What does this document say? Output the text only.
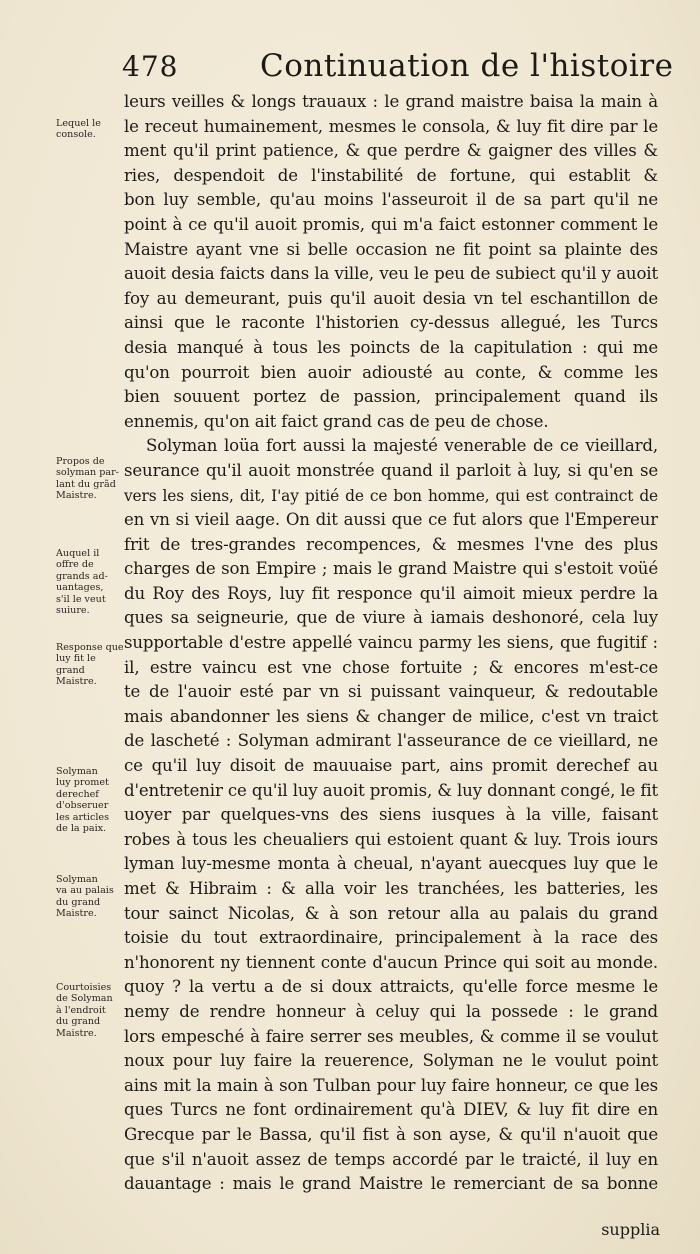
478	Continuation de l'histoire
leurs veilles & longs trauaux : le grand maistre baisa la main à
le receut humainement, mesmes le consola, & luy fit dire par le
ment qu'il print patience, & que perdre & gaigner des villes &
ries, despendoit de l'instabilité de fortune, qui establit &
bon luy semble, qu'au moins l'asseuroit il de sa part qu'il ne
point à ce qu'il auoit promis, qui m'a faict estonner comment le
Maistre ayant vne si belle occasion ne fit point sa plainte des
auoit desia faicts dans la ville, veu le peu de subiect qu'il y auoit
foy au demeurant, puis qu'il auoit desia vn tel eschantillon de
ainsi que le raconte l'historien cy-dessus allegué, les Turcs
desia manqué à tous les poincts de la capitulation : qui me
qu'on pourroit bien auoir adiousté au conte, & comme les
bien souuent portez de passion, principalement quand ils
ennemis, qu'on ait faict grand cas de peu de chose.
Solyman loüa fort aussi la majesté venerable de ce vieillard,
seurance qu'il auoit monstrée quand il parloit à luy, si qu'en se
vers les siens, dit, I'ay pitié de ce bon homme, qui est contrainct de
en vn si vieil aage. On dit aussi que ce fut alors que l'Empereur
frit de tres-grandes recompences, & mesmes l'vne des plus
charges de son Empire ; mais le grand Maistre qui s'estoit voüé
du Roy des Roys, luy fit responce qu'il aimoit mieux perdre la
ques sa seigneurie, que de viure à iamais deshonoré, cela luy
supportable d'estre appellé vaincu parmy les siens, que fugitif :
il, estre vaincu est vne chose fortuite ; & encores m'est-ce
te de l'auoir esté par vn si puissant vainqueur, & redoutable
mais abandonner les siens & changer de milice, c'est vn traict
de lascheté : Solyman admirant l'asseurance de ce vieillard, ne
ce qu'il luy disoit de mauuaise part, ains promit derechef au
d'entretenir ce qu'il luy auoit promis, & luy donnant congé, le fit
uoyer par quelques-vns des siens iusques à la ville, faisant
robes à tous les cheualiers qui estoient quant & luy. Trois iours
lyman luy-mesme monta à cheual, n'ayant auecques luy que le
met & Hibraim : & alla voir les tranchées, les batteries, les
tour sainct Nicolas, & à son retour alla au palais du grand
toisie du tout extraordinaire, principalement à la race des
n'honorent ny tiennent conte d'aucun Prince qui soit au monde.
quoy ? la vertu a de si doux attraicts, qu'elle force mesme le
nemy de rendre honneur à celuy qui la possede : le grand
lors empesché à faire serrer ses meubles, & comme il se voulut
noux pour luy faire la reuerence, Solyman ne le voulut point
ains mit la main à son Tulban pour luy faire honneur, ce que les
ques Turcs ne font ordinairement qu'à DIEV, & luy fit dire en
Grecque par le Bassa, qu'il fist à son ayse, & qu'il n'auoit que
que s'il n'auoit assez de temps accordé par le traicté, il luy en
dauantage : mais le grand Maistre le remerciant de sa bonne
Lequel le
console.
Propos de
solyman par-
lant du grãd
Maistre.
Auquel il
offre de
grands ad-
uantages,
s'il le veut
suiure.
Response que
luy fit le
grand
Maistre.
Solyman
luy promet
derechef
d'obseruer
les articles
de la paix.
Solyman
va au palais
du grand
Maistre.
Courtoisies
de Solyman
à l'endroit
du grand
Maistre.
supplia
